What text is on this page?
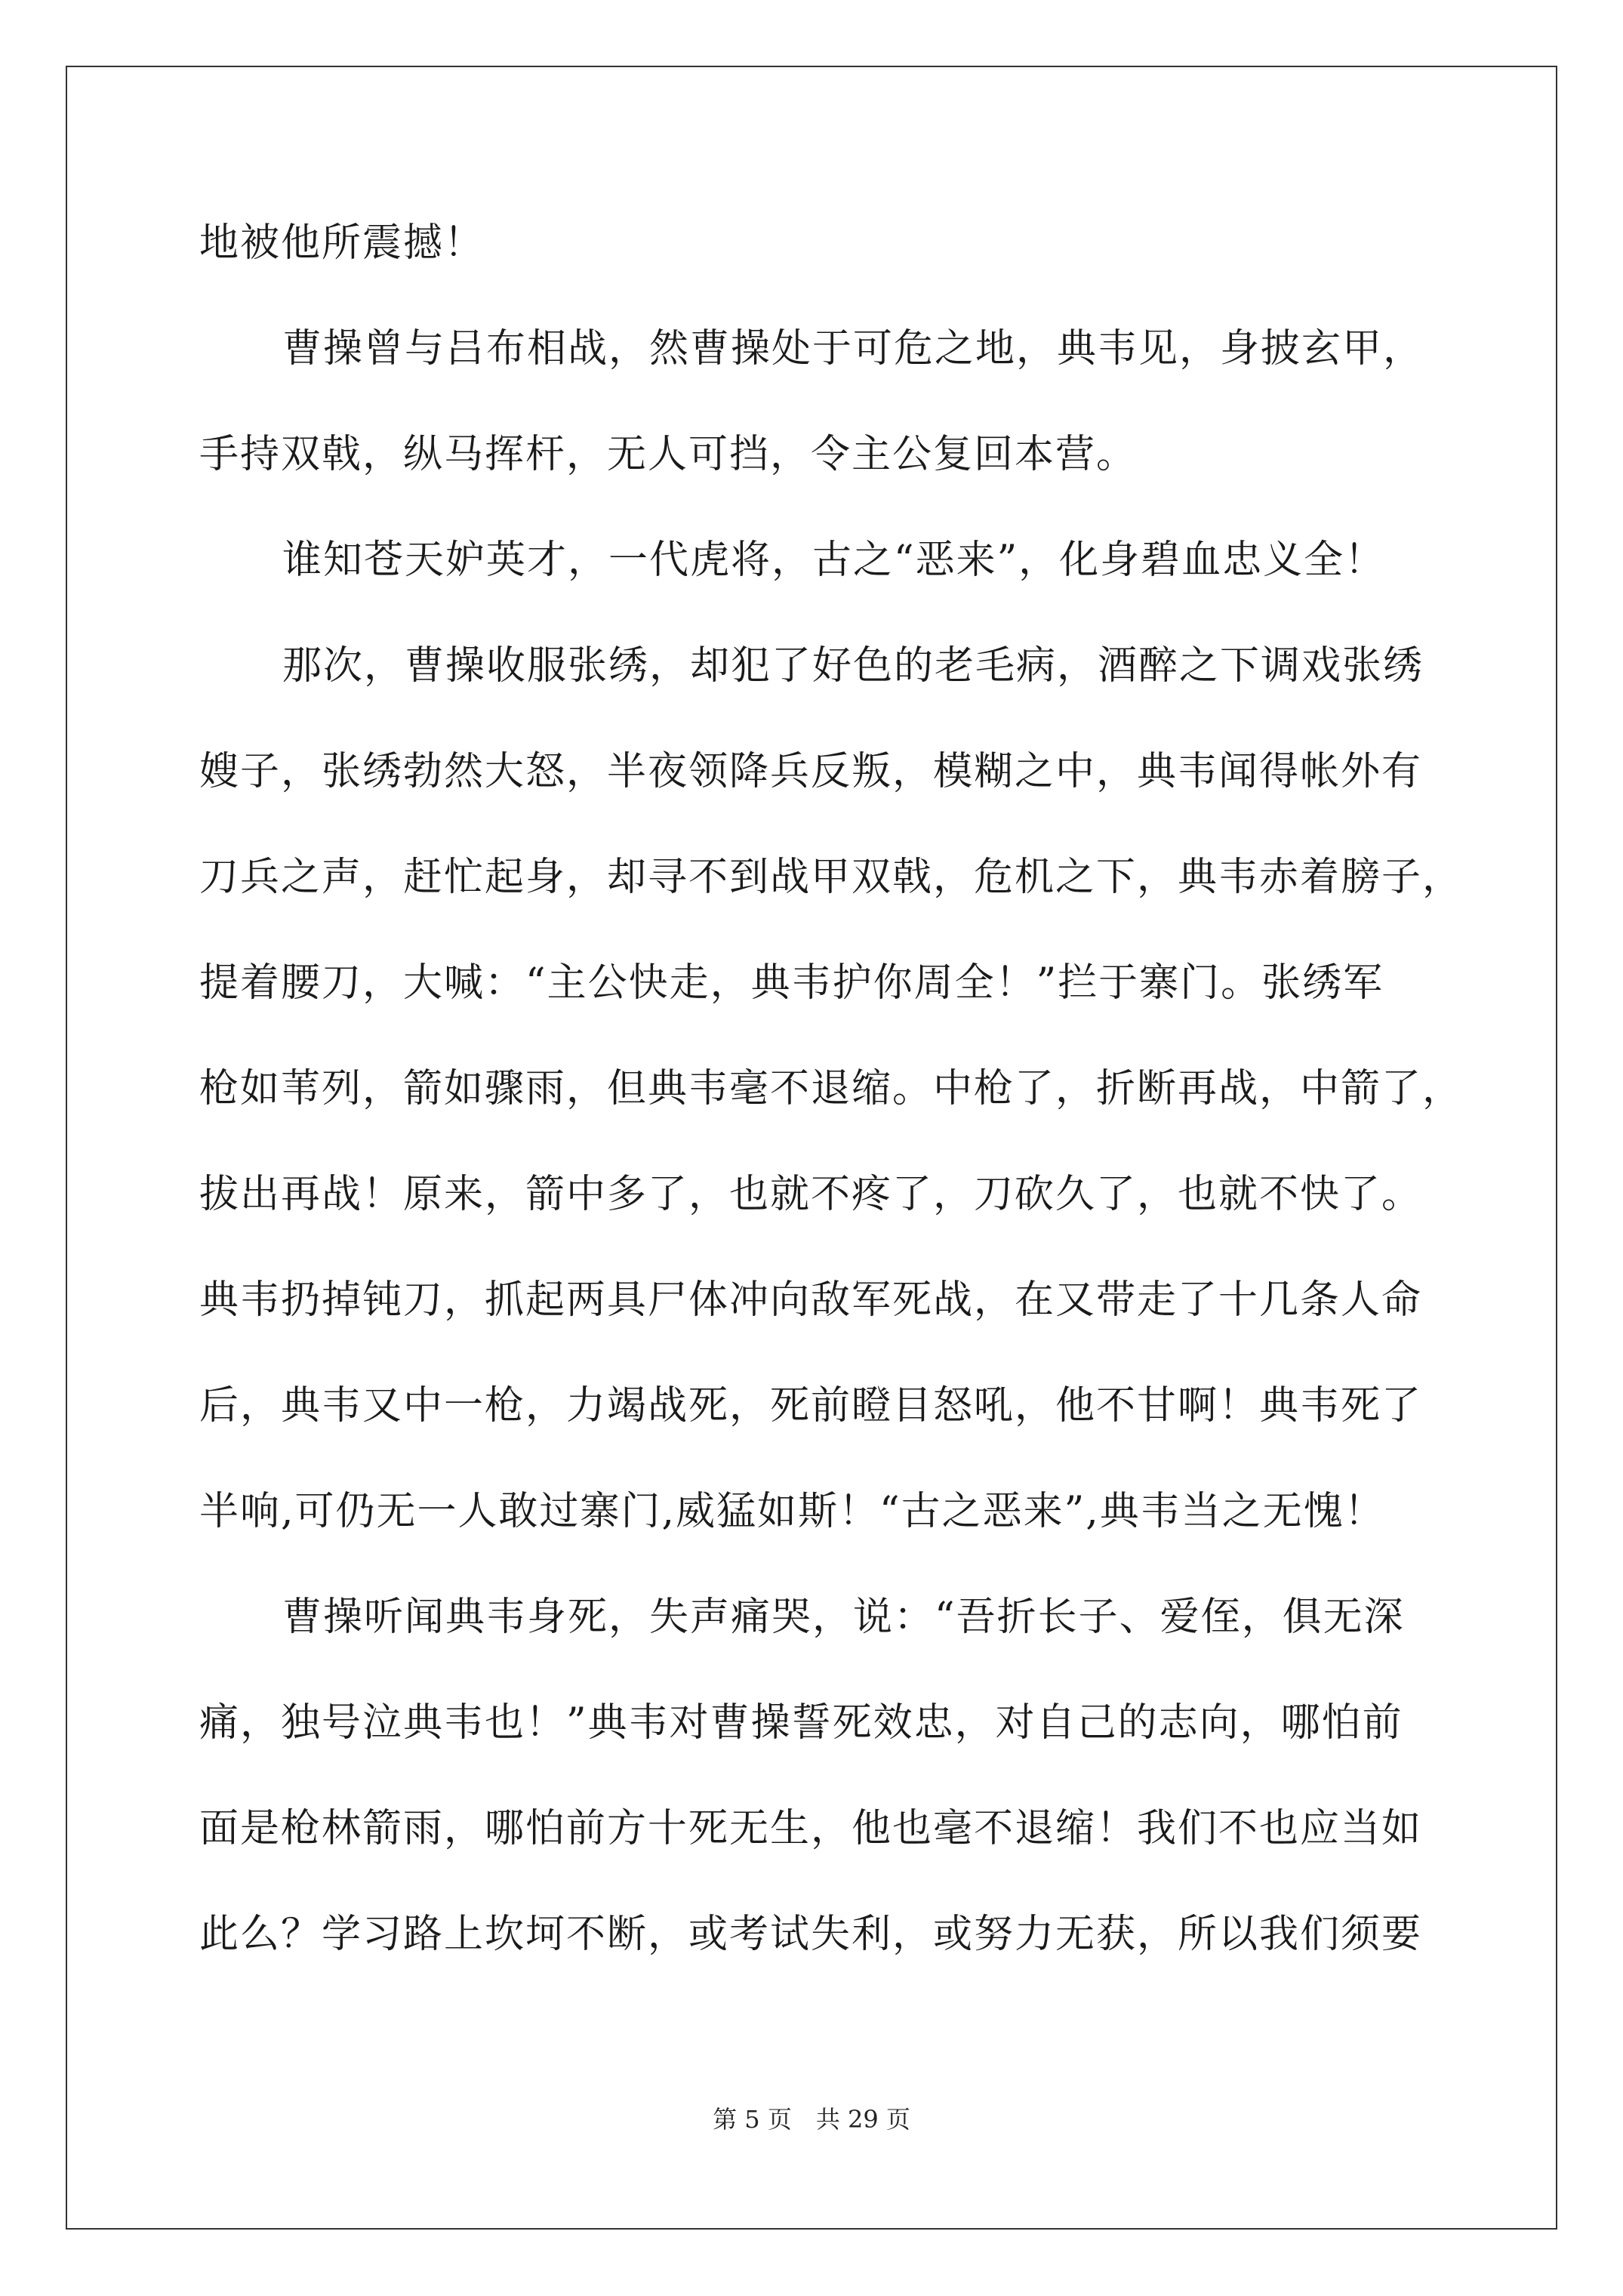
地被他所震撼！
曹操曾与吕布相战，然曹操处于可危之地，典韦见，身披玄甲，
手持双戟，纵马挥杆，无人可挡，令主公复回本营。
谁知苍天妒英才，一代虎将，古之“恶来”，化身碧血忠义全！
那次，曹操收服张绣，却犯了好色的老毛病，酒醉之下调戏张绣
嫂子，张绣勃然大怒，半夜领降兵反叛，模糊之中，典韦闻得帐外有
刀兵之声，赶忙起身，却寻不到战甲双戟，危机之下，典韦赤着膀子，
提着腰刀，大喊：“主公快走，典韦护你周全！”拦于寨门。张绣军
枪如苇列，箭如骤雨，但典韦毫不退缩。中枪了，折断再战，中箭了，
拔出再战！原来，箭中多了，也就不疼了，刀砍久了，也就不快了。
典韦扔掉钝刀，抓起两具尸体冲向敌军死战，在又带走了十几条人命
后，典韦又中一枪，力竭战死，死前瞪目怒吼，他不甘啊！典韦死了
半响,可仍无一人敢过寨门,威猛如斯！“古之恶来”,典韦当之无愧！
曹操听闻典韦身死，失声痛哭，说：“吾折长子、爱侄，俱无深
痛，独号泣典韦也！”典韦对曹操誓死效忠，对自己的志向，哪怕前
面是枪林箭雨，哪怕前方十死无生，他也毫不退缩！我们不也应当如
此么？学习路上坎坷不断，或考试失利，或努力无获，所以我们须要
第 5 页　共 29 页
